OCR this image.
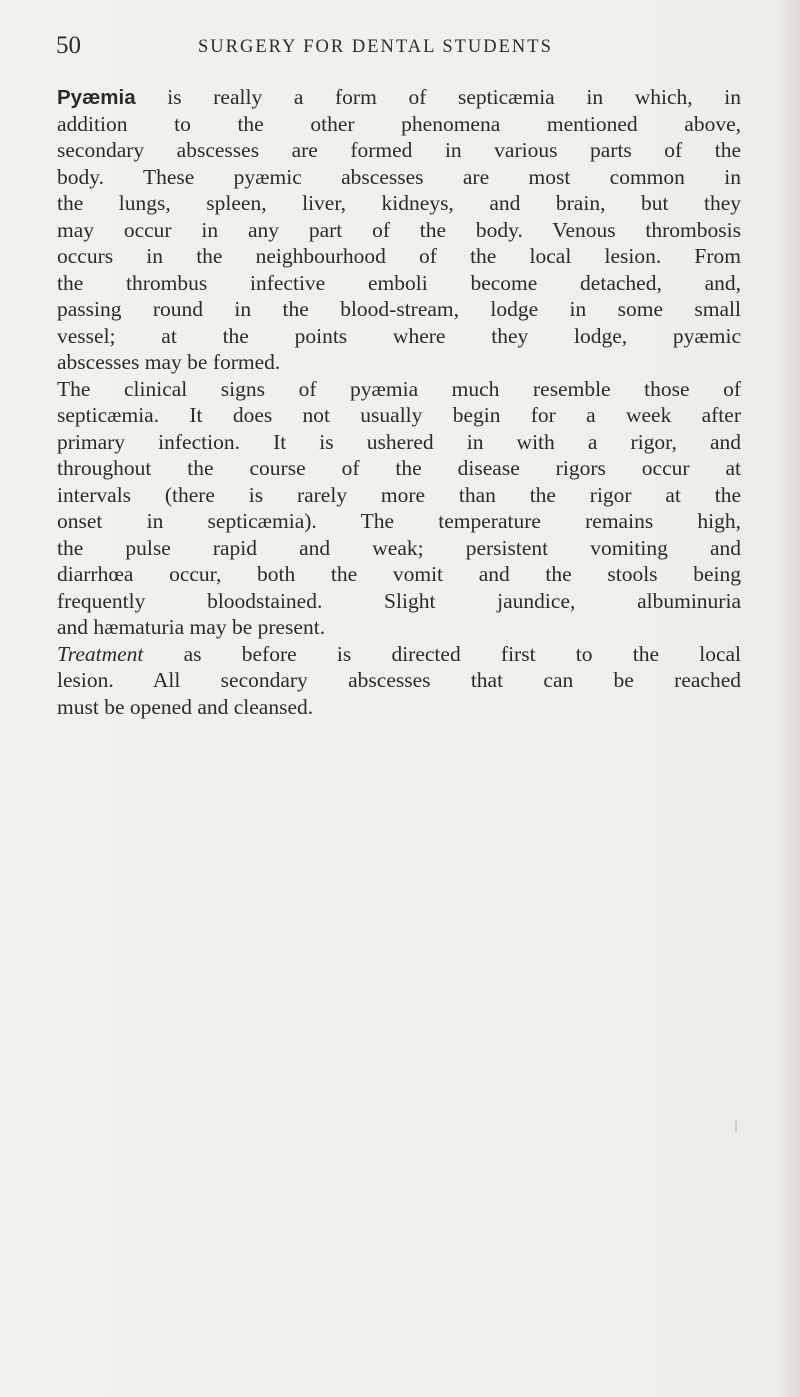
50	SURGERY FOR DENTAL STUDENTS
Pyæmia is really a form of septicæmia in which, in
addition to the other phenomena mentioned above,
secondary abscesses are formed in various parts of the
body. These pyæmic abscesses are most common in
the lungs, spleen, liver, kidneys, and brain, but they
may occur in any part of the body. Venous thrombosis
occurs in the neighbourhood of the local lesion. From
the thrombus infective emboli become detached, and,
passing round in the blood-stream, lodge in some small
vessel; at the points where they lodge, pyæmic
abscesses may be formed.
The clinical signs of pyæmia much resemble those of
septicæmia. It does not usually begin for a week after
primary infection. It is ushered in with a rigor, and
throughout the course of the disease rigors occur at
intervals (there is rarely more than the rigor at the
onset in septicæmia). The temperature remains high,
the pulse rapid and weak; persistent vomiting and
diarrhœa occur, both the vomit and the stools being
frequently bloodstained. Slight jaundice, albuminuria
and hæmaturia may be present.
Treatment as before is directed first to the local
lesion. All secondary abscesses that can be reached
must be opened and cleansed.
